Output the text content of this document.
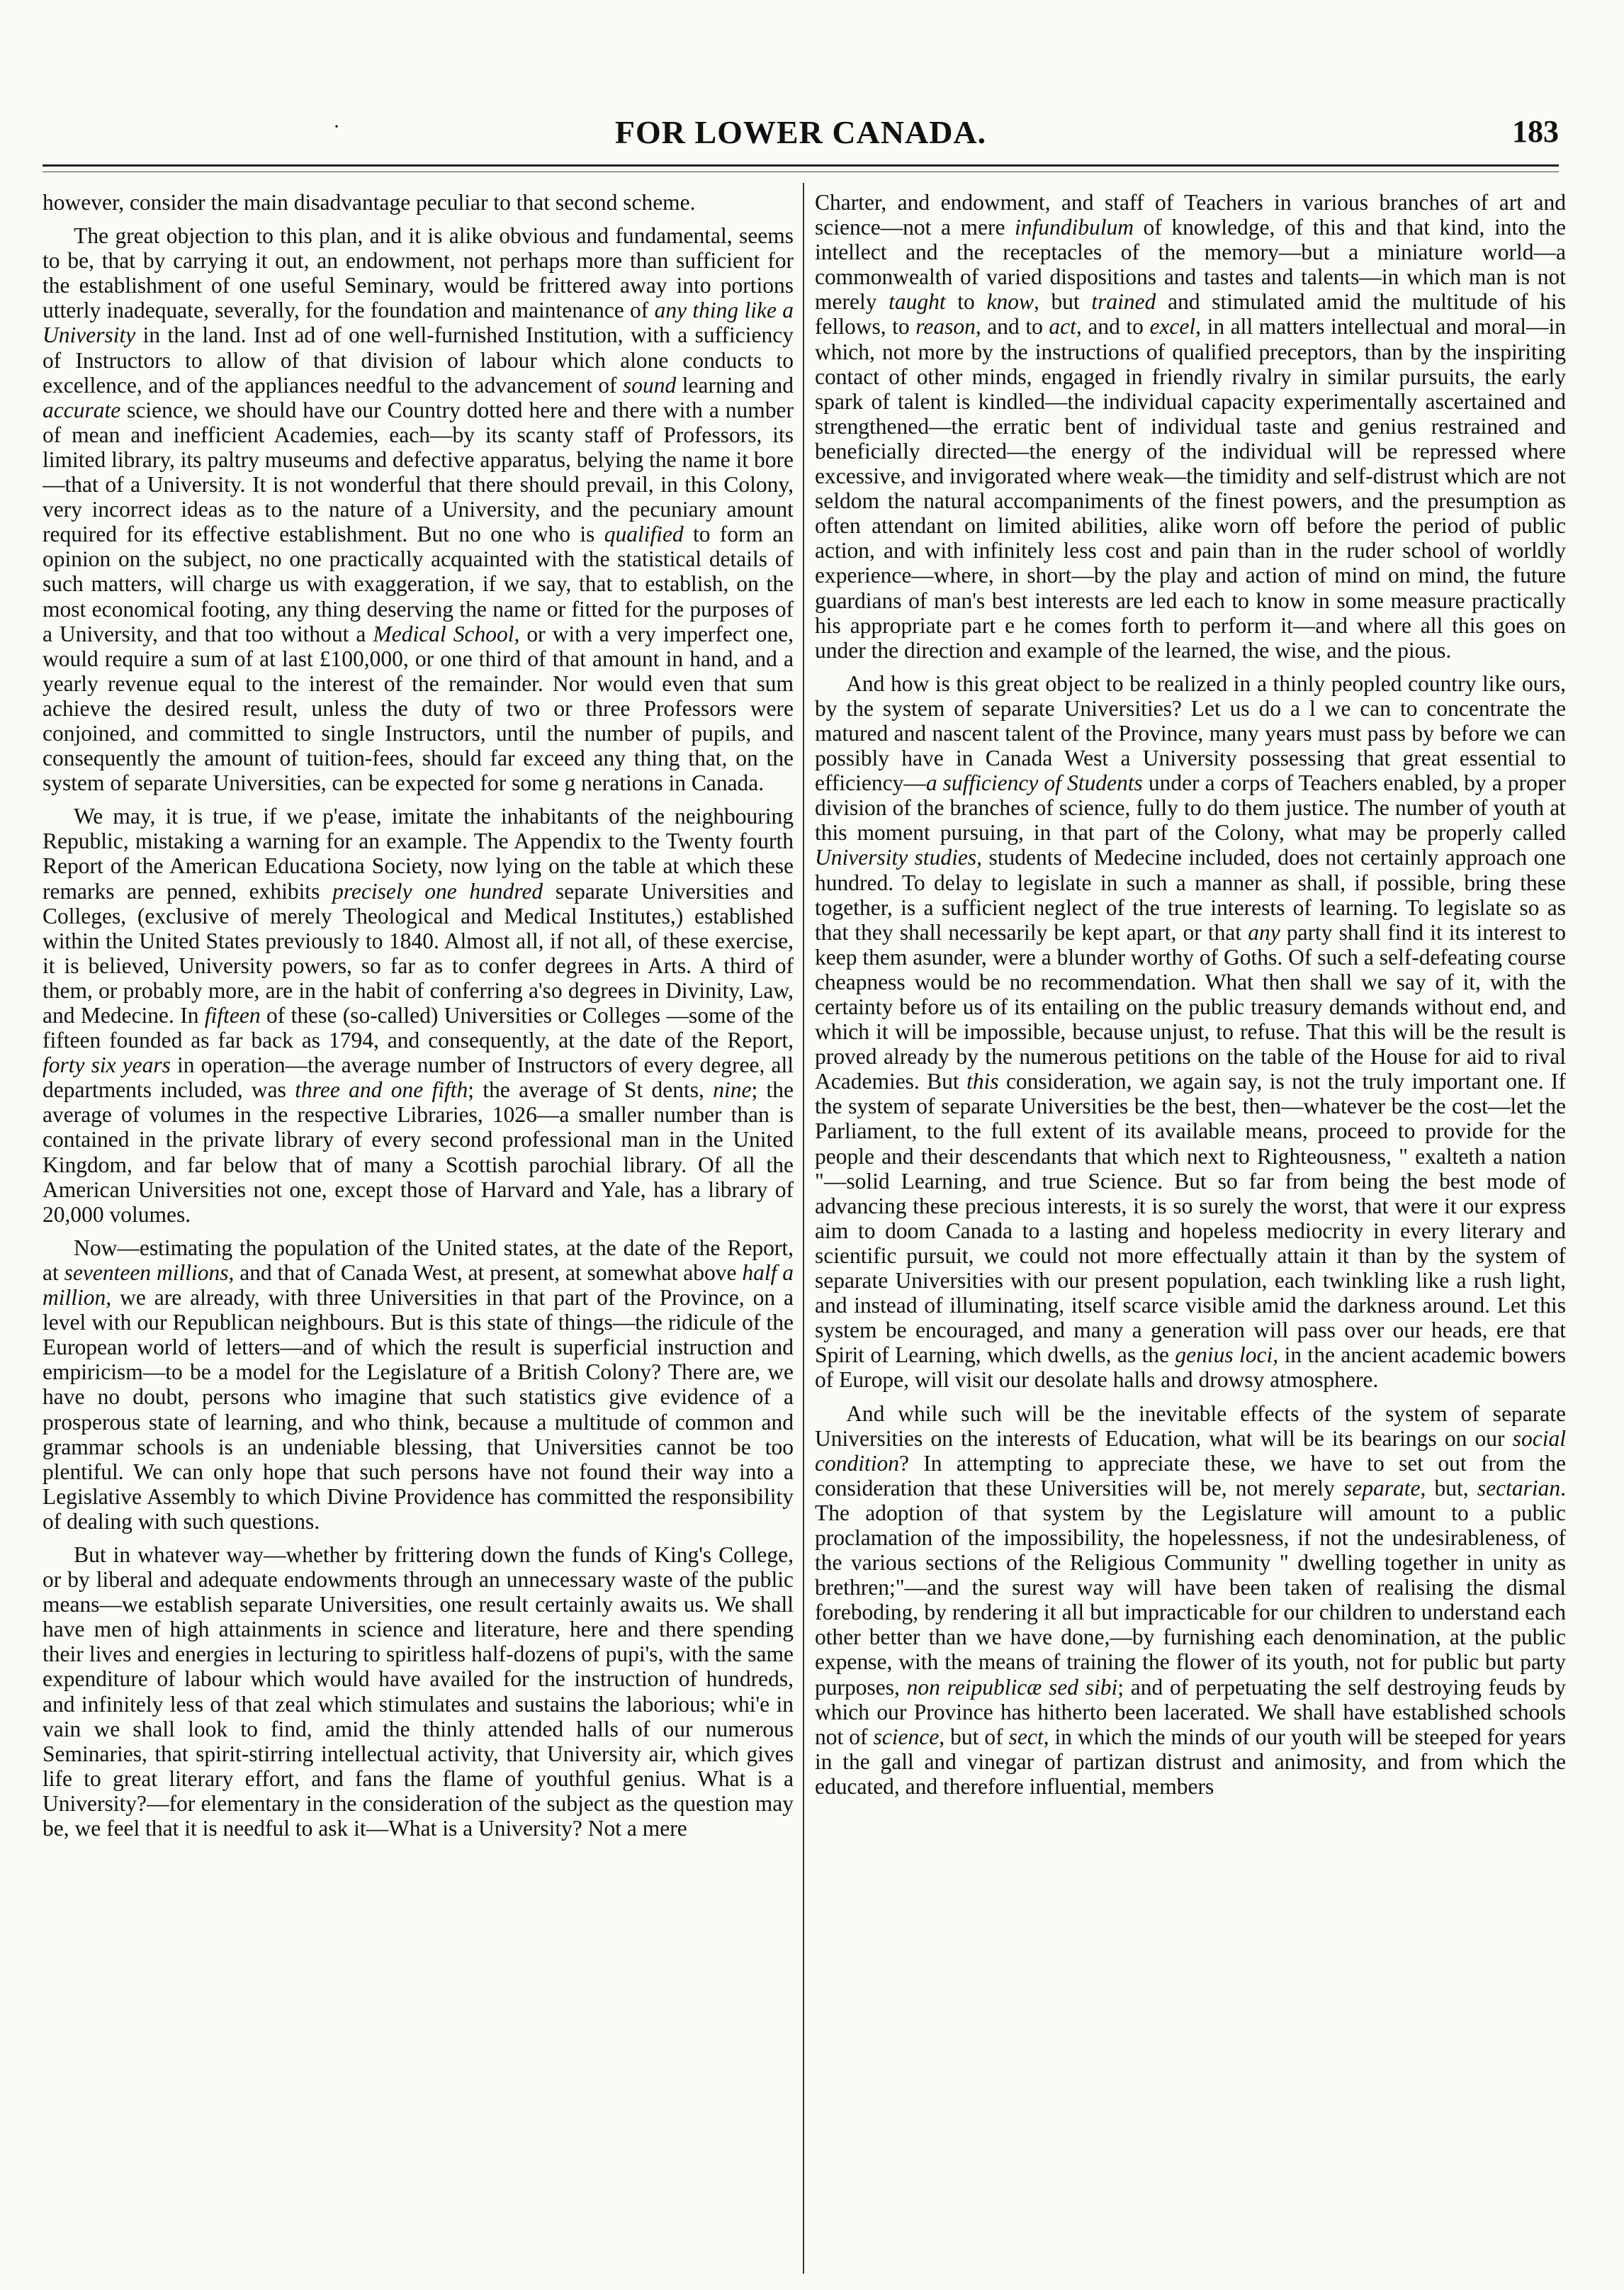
·	FOR LOWER CANADA.	183

however, consider the main disadvantage peculiar to that second scheme.

The great objection to this plan, and it is alike obvious and fundamental, seems to be, that by carrying it out, an endowment, not perhaps more than sufficient for the establishment of one useful Seminary, would be frittered away into portions utterly inadequate, severally, for the foundation and maintenance of any thing like a University in the land. Inst ad of one well-furnished Institution, with a sufficiency of Instructors to allow of that division of labour which alone conducts to excellence, and of the appliances needful to the advancement of sound learning and accurate science, we should have our Country dotted here and there with a number of mean and inefficient Academies, each—by its scanty staff of Professors, its limited library, its paltry museums and defective apparatus, belying the name it bore—that of a University. It is not wonderful that there should prevail, in this Colony, very incorrect ideas as to the nature of a University, and the pecuniary amount required for its effective establishment. But no one who is qualified to form an opinion on the subject, no one practically acquainted with the statistical details of such matters, will charge us with exaggeration, if we say, that to establish, on the most economical footing, any thing deserving the name or fitted for the purposes of a University, and that too without a Medical School, or with a very imperfect one, would require a sum of at last £100,000, or one third of that amount in hand, and a yearly revenue equal to the interest of the remainder. Nor would even that sum achieve the desired result, unless the duty of two or three Professors were conjoined, and committed to single Instructors, until the number of pupils, and consequently the amount of tuition-fees, should far exceed any thing that, on the system of separate Universities, can be expected for some g nerations in Canada.

We may, it is true, if we p'ease, imitate the inhabitants of the neighbouring Republic, mistaking a warning for an example. The Appendix to the Twenty fourth Report of the American Educationa Society, now lying on the table at which these remarks are penned, exhibits precisely one hundred separate Universities and Colleges, (exclusive of merely Theological and Medical Institutes,) established within the United States previously to 1840. Almost all, if not all, of these exercise, it is believed, University powers, so far as to confer degrees in Arts. A third of them, or probably more, are in the habit of conferring a'so degrees in Divinity, Law, and Medecine. In fifteen of these (so-called) Universities or Colleges —some of the fifteen founded as far back as 1794, and consequently, at the date of the Report, forty six years in operation—the average number of Instructors of every degree, all departments included, was three and one fifth; the average of St dents, nine; the average of volumes in the respective Libraries, 1026—a smaller number than is contained in the private library of every second professional man in the United Kingdom, and far below that of many a Scottish parochial library. Of all the American Universities not one, except those of Harvard and Yale, has a library of 20,000 volumes.

Now—estimating the population of the United states, at the date of the Report, at seventeen millions, and that of Canada West, at present, at somewhat above half a million, we are already, with three Universities in that part of the Province, on a level with our Republican neighbours. But is this state of things—the ridicule of the European world of letters—and of which the result is superficial instruction and empiricism—to be a model for the Legislature of a British Colony? There are, we have no doubt, persons who imagine that such statistics give evidence of a prosperous state of learning, and who think, because a multitude of common and grammar schools is an undeniable blessing, that Universities cannot be too plentiful. We can only hope that such persons have not found their way into a Legislative Assembly to which Divine Providence has committed the responsibility of dealing with such questions.

But in whatever way—whether by frittering down the funds of King's College, or by liberal and adequate endowments through an unnecessary waste of the public means—we establish separate Universities, one result certainly awaits us. We shall have men of high attainments in science and literature, here and there spending their lives and energies in lecturing to spiritless half-dozens of pupi's, with the same expenditure of labour which would have availed for the instruction of hundreds, and infinitely less of that zeal which stimulates and sustains the laborious; whi'e in vain we shall look to find, amid the thinly attended halls of our numerous Seminaries, that spirit-stirring intellectual activity, that University air, which gives life to great literary effort, and fans the flame of youthful genius. What is a University?—for elementary in the consideration of the subject as the question may be, we feel that it is needful to ask it—What is a University? Not a mere

Charter, and endowment, and staff of Teachers in various branches of art and science—not a mere infundibulum of knowledge, of this and that kind, into the intellect and the receptacles of the memory—but a miniature world—a commonwealth of varied dispositions and tastes and talents—in which man is not merely taught to know, but trained and stimulated amid the multitude of his fellows, to reason, and to act, and to excel, in all matters intellectual and moral—in which, not more by the instructions of qualified preceptors, than by the inspiriting contact of other minds, engaged in friendly rivalry in similar pursuits, the early spark of talent is kindled—the individual capacity experimentally ascertained and strengthened—the erratic bent of individual taste and genius restrained and beneficially directed—the energy of the individual will be repressed where excessive, and invigorated where weak—the timidity and self-distrust which are not seldom the natural accompaniments of the finest powers, and the presumption as often attendant on limited abilities, alike worn off before the period of public action, and with infinitely less cost and pain than in the ruder school of worldly experience—where, in short—by the play and action of mind on mind, the future guardians of man's best interests are led each to know in some measure practically his appropriate part e he comes forth to perform it—and where all this goes on under the direction and example of the learned, the wise, and the pious.

And how is this great object to be realized in a thinly peopled country like ours, by the system of separate Universities? Let us do a l we can to concentrate the matured and nascent talent of the Province, many years must pass by before we can possibly have in Canada West a University possessing that great essential to efficiency—a sufficiency of Students under a corps of Teachers enabled, by a proper division of the branches of science, fully to do them justice. The number of youth at this moment pursuing, in that part of the Colony, what may be properly called University studies, students of Medecine included, does not certainly approach one hundred. To delay to legislate in such a manner as shall, if possible, bring these together, is a sufficient neglect of the true interests of learning. To legislate so as that they shall necessarily be kept apart, or that any party shall find it its interest to keep them asunder, were a blunder worthy of Goths. Of such a self-defeating course cheapness would be no recommendation. What then shall we say of it, with the certainty before us of its entailing on the public treasury demands without end, and which it will be impossible, because unjust, to refuse. That this will be the result is proved already by the numerous petitions on the table of the House for aid to rival Academies. But this consideration, we again say, is not the truly important one. If the system of separate Universities be the best, then—whatever be the cost—let the Parliament, to the full extent of its available means, proceed to provide for the people and their descendants that which next to Righteousness, " exalteth a nation "—solid Learning, and true Science. But so far from being the best mode of advancing these precious interests, it is so surely the worst, that were it our express aim to doom Canada to a lasting and hopeless mediocrity in every literary and scientific pursuit, we could not more effectually attain it than by the system of separate Universities with our present population, each twinkling like a rush light, and instead of illuminating, itself scarce visible amid the darkness around. Let this system be encouraged, and many a generation will pass over our heads, ere that Spirit of Learning, which dwells, as the genius loci, in the ancient academic bowers of Europe, will visit our desolate halls and drowsy atmosphere.

And while such will be the inevitable effects of the system of separate Universities on the interests of Education, what will be its bearings on our social condition? In attempting to appreciate these, we have to set out from the consideration that these Universities will be, not merely separate, but, sectarian. The adoption of that system by the Legislature will amount to a public proclamation of the impossibility, the hopelessness, if not the undesirableness, of the various sections of the Religious Community " dwelling together in unity as brethren;"—and the surest way will have been taken of realising the dismal foreboding, by rendering it all but impracticable for our children to understand each other better than we have done,—by furnishing each denomination, at the public expense, with the means of training the flower of its youth, not for public but party purposes, non reipublicæ sed sibi; and of perpetuating the self destroying feuds by which our Province has hitherto been lacerated. We shall have established schools not of science, but of sect, in which the minds of our youth will be steeped for years in the gall and vinegar of partizan distrust and animosity, and from which the educated, and therefore influential, members
